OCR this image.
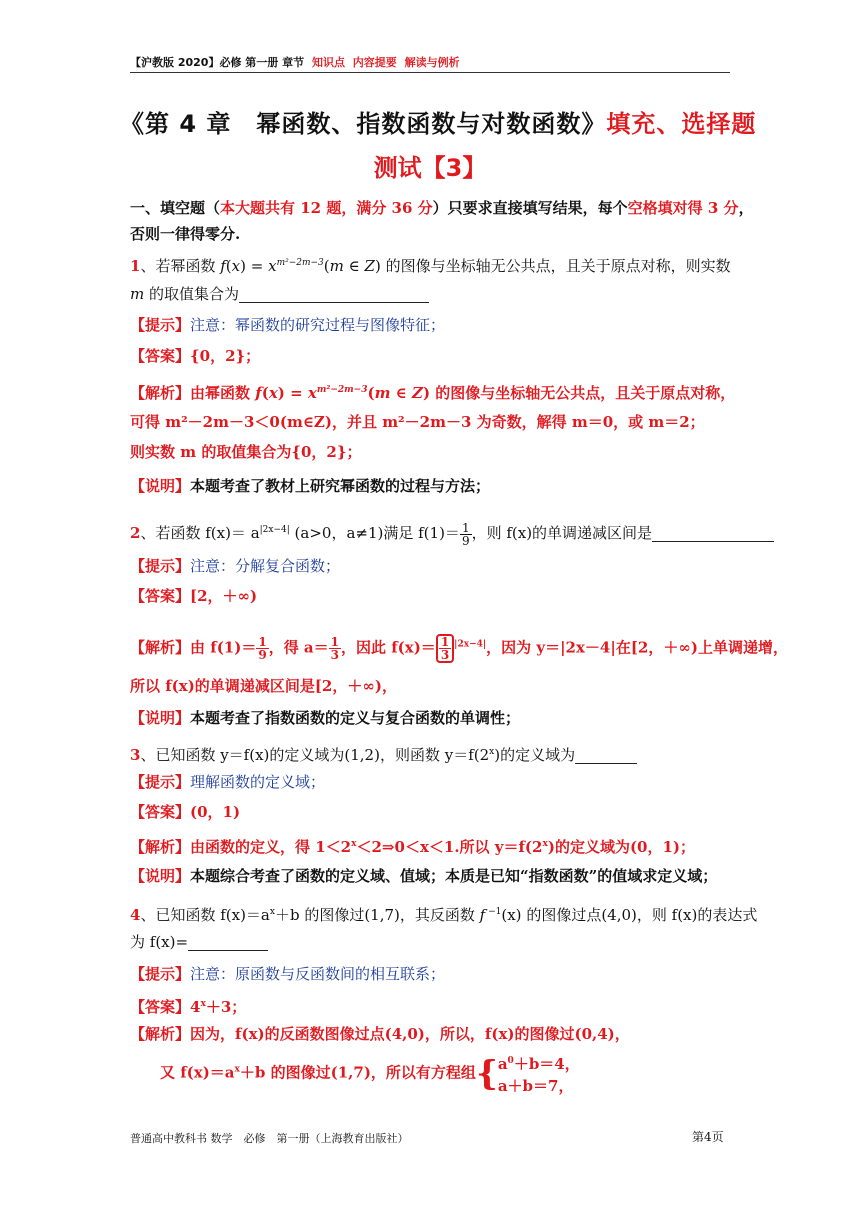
【沪教版 2020】必修 第一册 章节 知识点 内容提要 解读与例析
《第 4 章　幂函数、指数函数与对数函数》填充、选择题
测试【3】
一、填空题（本大题共有 12 题，满分 36 分）只要求直接填写结果，每个空格填对得 3 分，
否则一律得零分.
1、若幂函数 $f(x) = x^{m^2-2m-3}(m$ ∈ Z) 的图像与坐标轴无公共点，且关于原点对称，则实数
m 的取值集合为
【提示】注意：幂函数的研究过程与图像特征；
【答案】{0，2}；
【解析】由幂函数 $f(x) = x^{m^2-2m-3}(m$ ∈ Z) 的图像与坐标轴无公共点，且关于原点对称，
可得 m²－2m－3＜0(m∈Z)，并且 m²－2m－3 为奇数，解得 m＝0，或 m＝2；
则实数 m 的取值集合为{0，2}；
【说明】本题考查了教材上研究幂函数的过程与方法；
2、若函数 $f(x)= a^{|2x-4|}$ (a>0，a≠1)满足 $f(1)= \frac{1}{9}$ ，则 f(x)的单调递减区间是
【提示】注意：分解复合函数；
【答案】[2，＋∞)
【解析】由 $f(1)= \frac{1}{9}$ ，得 $a= \frac{1}{3}$ ，因此 $f(x)= \frac{1}{3} ^{|2x-4|}$，因为 y＝|2x－4|在[2，＋∞)上单调递增，
所以 f(x)的单调递减区间是[2，＋∞)，
【说明】本题考查了指数函数的定义与复合函数的单调性；
3、已知函数 y＝f(x)的定义域为(1,2)，则函数 $y=f(2^x)$的定义域为
【提示】理解函数的定义域；
【答案】(0，1)
【解析】由函数的定义，得 $1<2^x<2\Rightarrow 0<x<1$.所以 $y=f(2^x)$的定义域为(0，1)；
【说明】本题综合考查了函数的定义域、值域；本质是已知“指数函数”的值域求定义域；
4、已知函数 $f(x)=a^x+b$ 的图像过(1,7)，其反函数 f $^{-1}$(x) 的图像过点(4,0)，则 f(x)的表达式
为 f(x)=
【提示】注意：原函数与反函数间的相互联系；
【答案】$4^x+3$；
【解析】因为，f(x)的反函数图像过点(4,0)，所以，f(x)的图像过(0,4)，
又 $f(x)=a^x+b$ 的图像过(1,7)，所以有方程组{$a^0+b=4$，
a＋b＝7，
普通高中教科书 数学　必修　第一册（上海教育出版社）	第4页
